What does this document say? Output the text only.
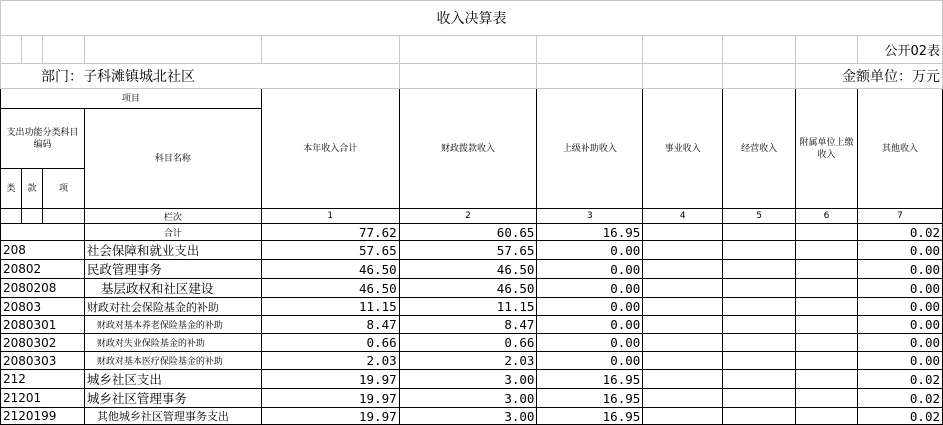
收入决算表										
										公开02表
部门：子科滩镇城北社区									金额单位：万元	
项目				本年收入合计	财政拨款收入	上级补助收入	事业收入	经营收入	附属单位上缴收入	其他收入
支出功能分类科目编码			科目名称							
类	款	项								
			栏次	1	2	3	4	5	6	7
			合计	77.62	60.65	16.95				0.02
208			社会保障和就业支出	57.65	57.65	0.00				0.00
20802			民政管理事务	46.50	46.50	0.00				0.00
2080208			基层政权和社区建设	46.50	46.50	0.00				0.00
20803			财政对社会保险基金的补助	11.15	11.15	0.00				0.00
2080301			财政对基本养老保险基金的补助	8.47	8.47	0.00				0.00
2080302			财政对失业保险基金的补助	0.66	0.66	0.00				0.00
2080303			财政对基本医疗保险基金的补助	2.03	2.03	0.00				0.00
212			城乡社区支出	19.97	3.00	16.95				0.02
21201			城乡社区管理事务	19.97	3.00	16.95				0.02
2120199			其他城乡社区管理事务支出	19.97	3.00	16.95				0.02
